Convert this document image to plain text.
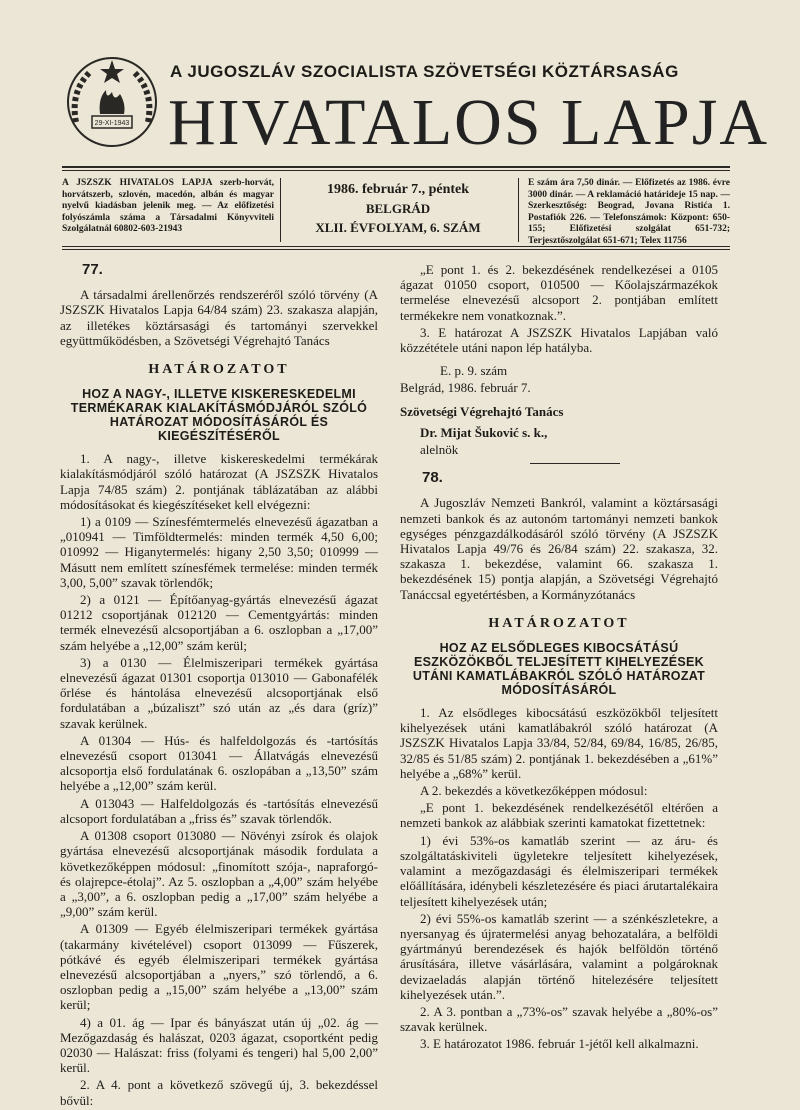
29-XI-1943
A JUGOSZLÁV SZOCIALISTA SZÖVETSÉGI KÖZTÁRSASÁG
HIVATALOS LAPJA
A JSZSZK HIVATALOS LAPJA szerb-horvát, horvátszerb, szlovén, macedón, albán és magyar nyelvű kiadásban jelenik meg. — Az előfizetési folyószámla száma a Társadalmi Könyvviteli Szolgálatnál 60802-603-21943
1986. február 7., péntek
BELGRÁD
XLII. ÉVFOLYAM, 6. SZÁM
E szám ára 7,50 dinár. — Előfizetés az 1986. évre 3000 dinár. — A reklamáció határideje 15 nap. — Szerkesztőség: Beograd, Jovana Ristića 1. Postafiók 226. — Telefonszámok: Központ: 650-155; Előfizetési szolgálat 651-732; Terjesztőszolgálat 651-671; Telex 11756
77.

A társadalmi árellenőrzés rendszeréről szóló törvény (A JSZSZK Hivatalos Lapja 64/84 szám) 23. szakasza alapján, az illetékes köztársasági és tartományi szervekkel együttműködésben, a Szövetségi Végrehajtó Tanács

HATÁROZATOT
HOZ A NAGY-, ILLETVE KISKERESKEDELMI TERMÉKARAK KIALAKÍTÁSMÓDJÁRÓL SZÓLÓ HATÁROZAT MÓDOSÍTÁSÁRÓL ÉS KIEGÉSZÍTÉSÉRŐL

1. A nagy-, illetve kiskereskedelmi termékárak kialakításmódjáról szóló határozat (A JSZSZK Hivatalos Lapja 74/85 szám) 2. pontjának táblázatában az alábbi módosításokat és kiegészítéseket kell elvégezni:

1) a 0109 — Színesfémtermelés elnevezésű ágazatban a „010941 — Timföldtermelés: minden termék 4,50 6,00; 010992 — Higanytermelés: higany 2,50 3,50; 010999 — Másutt nem említett színesfémek termelése: minden termék 3,00, 5,00” szavak törlendők;

2) a 0121 — Építőanyag-gyártás elnevezésű ágazat 01212 csoportjának 012120 — Cementgyártás: minden termék elnevezésű alcsoportjában a 6. oszlopban a „17,00” szám helyébe a „12,00” szám kerül;

3) a 0130 — Élelmiszeripari termékek gyártása elnevezésű ágazat 01301 csoportja 013010 — Gabonafélék őrlése és hántolása elnevezésű alcsoportjának első fordulatában a „búzaliszt” szó után az „és dara (gríz)” szavak kerülnek.

A 01304 — Hús- és halfeldolgozás és -tartósítás elnevezésű csoport 013041 — Állatvágás elnevezésű alcsoportja első fordulatának 6. oszlopában a „13,50” szám helyébe a „12,00” szám kerül.

A 013043 — Halfeldolgozás és -tartósítás elnevezésű alcsoport fordulatában a „friss és” szavak törlendők.

A 01308 csoport 013080 — Növényi zsírok és olajok gyártása elnevezésű alcsoportjának második fordulata a következőképpen módosul: „finomított szója-, napraforgó- és olajrepce-étolaj”. Az 5. oszlopban a „4,00” szám helyébe a „3,00”, a 6. oszlopban pedig a „17,00” szám helyébe a „9,00” szám kerül.

A 01309 — Egyéb élelmiszeripari termékek gyártása (takarmány kivételével) csoport 013099 — Fűszerek, pótkávé és egyéb élelmiszeripari termékek gyártása elnevezésű alcsoportjában a „nyers,” szó törlendő, a 6. oszlopban pedig a „15,00” szám helyébe a „13,00” szám kerül;

4) a 01. ág — Ipar és bányászat után új „02. ág — Mezőgazdaság és halászat, 0203 ágazat, csoportként pedig 02030 — Halászat: friss (folyami és tengeri) hal 5,00 2,00” kerül.

2. A 4. pont a következő szövegű új, 3. bekezdéssel bővül:

„E pont 1. és 2. bekezdésének rendelkezései a 0105 ágazat 01050 csoport, 010500 — Kőolajszármazékok termelése elnevezésű alcsoport 2. pontjában említett termékekre nem vonatkoznak.”.

3. E határozat A JSZSZK Hivatalos Lapjában való közzététele utáni napon lép hatályba.

E. p. 9. szám

Belgrád, 1986. február 7.

Szövetségi Végrehajtó Tanács

Dr. Mijat Šuković s. k.,

alelnök

78.

A Jugoszláv Nemzeti Bankról, valamint a köztársasági nemzeti bankok és az autonóm tartományi nemzeti bankok egységes pénzgazdálkodásáról szóló törvény (A JSZSZK Hivatalos Lapja 49/76 és 26/84 szám) 22. szakasza, 32. szakasza 1. bekezdése, valamint 66. szakasza 1. bekezdésének 15) pontja alapján, a Szövetségi Végrehajtó Tanáccsal egyetértésben, a Kormányzótanács

HATÁROZATOT
HOZ AZ ELSŐDLEGES KIBOCSÁTÁSÚ ESZKÖZÖKBŐL TELJESÍTETT KIHELYEZÉSEK UTÁNI KAMATLÁBAKRÓL SZÓLÓ HATÁROZAT MÓDOSÍTÁSÁRÓL

1. Az elsődleges kibocsátású eszközökből teljesített kihelyezések utáni kamatlábakról szóló határozat (A JSZSZK Hivatalos Lapja 33/84, 52/84, 69/84, 16/85, 26/85, 32/85 és 51/85 szám) 2. pontjának 1. bekezdésében a „61%” helyébe a „68%” kerül.

A 2. bekezdés a következőképpen módosul:

„E pont 1. bekezdésének rendelkezésétől eltérően a nemzeti bankok az alábbiak szerinti kamatokat fizettetnek:

1) évi 53%-os kamatláb szerint — az áru- és szolgáltatáskiviteli ügyletekre teljesített kihelyezések, valamint a mezőgazdasági és élelmiszeripari termékek előállítására, idénybeli készletezésére és piaci árutartalékaira teljesített kihelyezések után;

2) évi 55%-os kamatláb szerint — a szénkészletekre, a nyersanyag és újratermelési anyag behozatalára, a belföldi gyártmányú berendezések és hajók belföldön történő árusítására, illetve vásárlására, valamint a polgároknak devizaeladás alapján történő hitelezésére teljesített kihelyezések után.”.

2. A 3. pontban a „73%-os” szavak helyébe a „80%-os” szavak kerülnek.

3. E határozatot 1986. február 1-jétől kell alkalmazni.
